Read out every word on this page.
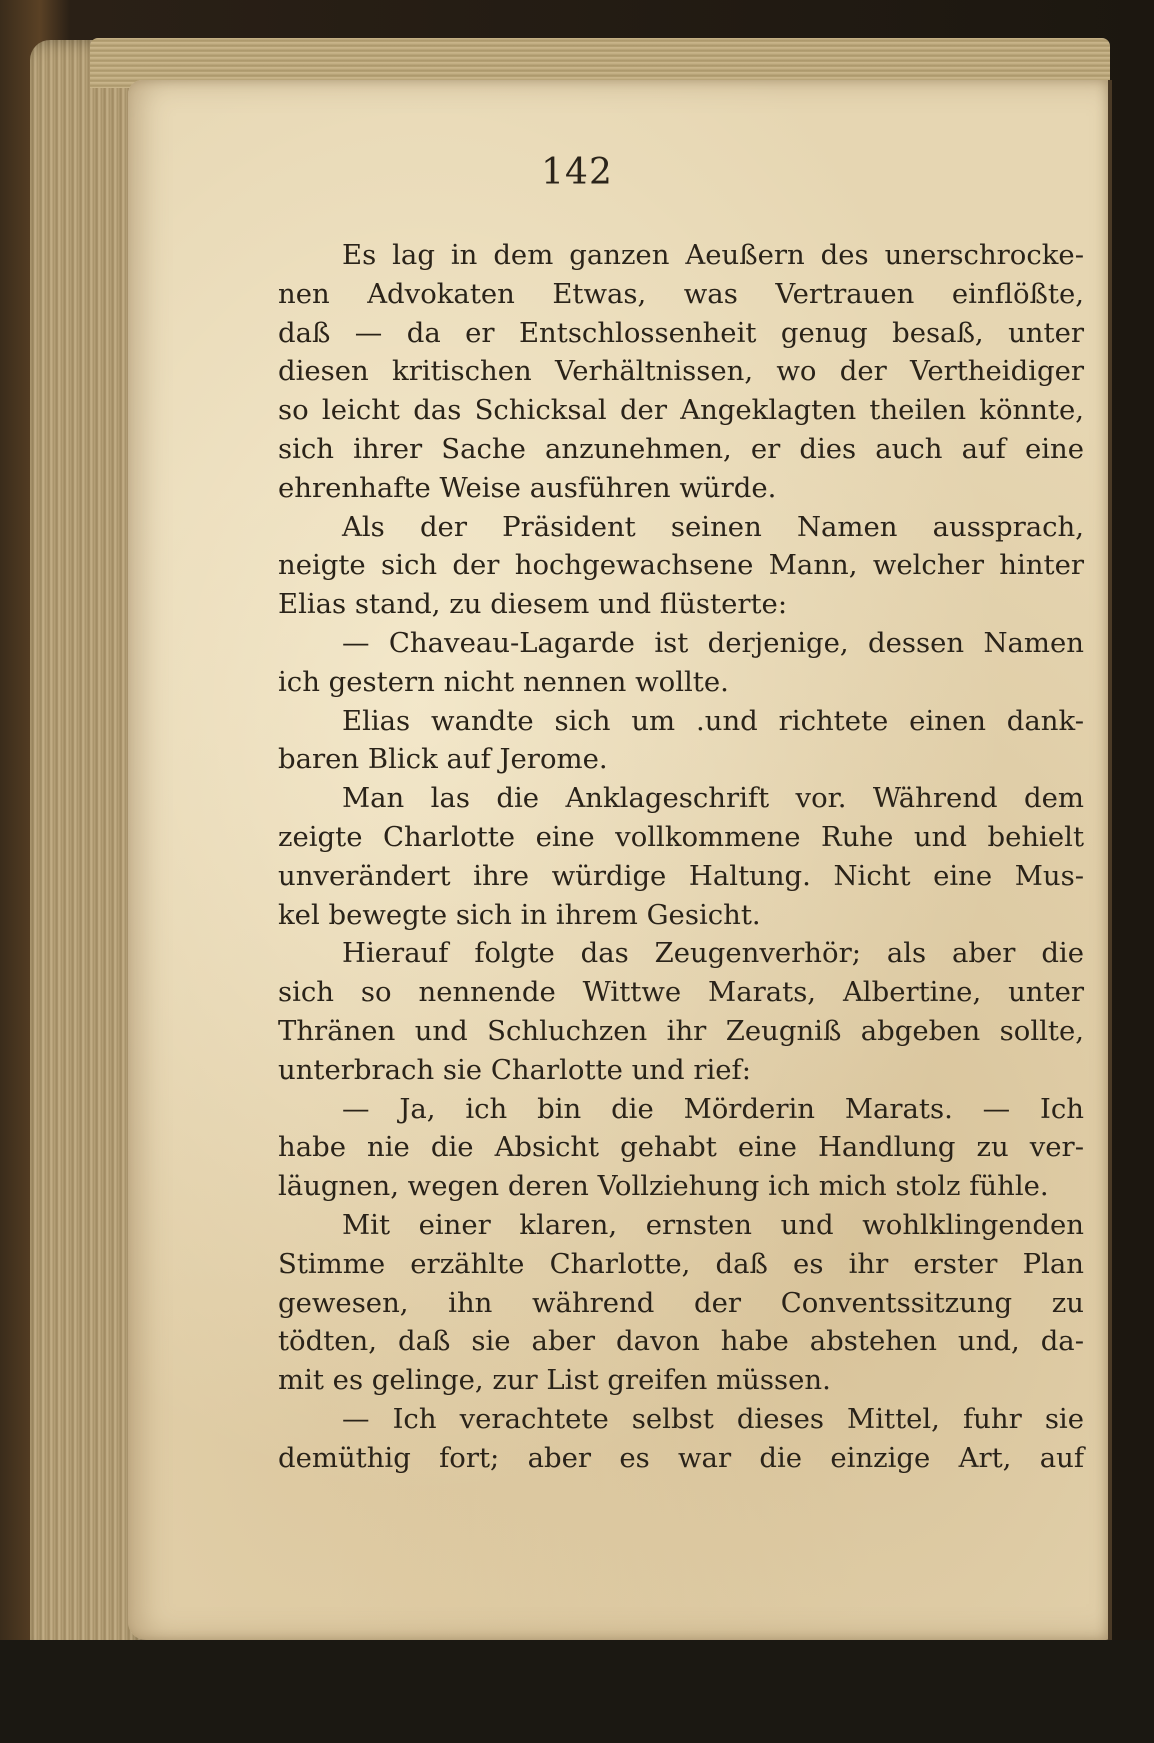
142
Es lag in dem ganzen Aeußern des unerschrocke-
nen Advokaten Etwas, was Vertrauen einflößte,
daß — da er Entschlossenheit genug besaß, unter
diesen kritischen Verhältnissen, wo der Vertheidiger
so leicht das Schicksal der Angeklagten theilen könnte,
sich ihrer Sache anzunehmen, er dies auch auf eine
ehrenhafte Weise ausführen würde.
Als der Präsident seinen Namen aussprach,
neigte sich der hochgewachsene Mann, welcher hinter
Elias stand, zu diesem und flüsterte:
— Chaveau-Lagarde ist derjenige, dessen Namen
ich gestern nicht nennen wollte.
Elias wandte sich um .und richtete einen dank-
baren Blick auf Jerome.
Man las die Anklageschrift vor. Während dem
zeigte Charlotte eine vollkommene Ruhe und behielt
unverändert ihre würdige Haltung. Nicht eine Mus-
kel bewegte sich in ihrem Gesicht.
Hierauf folgte das Zeugenverhör; als aber die
sich so nennende Wittwe Marats, Albertine, unter
Thränen und Schluchzen ihr Zeugniß abgeben sollte,
unterbrach sie Charlotte und rief:
— Ja, ich bin die Mörderin Marats. — Ich
habe nie die Absicht gehabt eine Handlung zu ver-
läugnen, wegen deren Vollziehung ich mich stolz fühle.
Mit einer klaren, ernsten und wohlklingenden
Stimme erzählte Charlotte, daß es ihr erster Plan
gewesen, ihn während der Conventssitzung zu
tödten, daß sie aber davon habe abstehen und, da-
mit es gelinge, zur List greifen müssen.
— Ich verachtete selbst dieses Mittel, fuhr sie
demüthig fort; aber es war die einzige Art, auf
